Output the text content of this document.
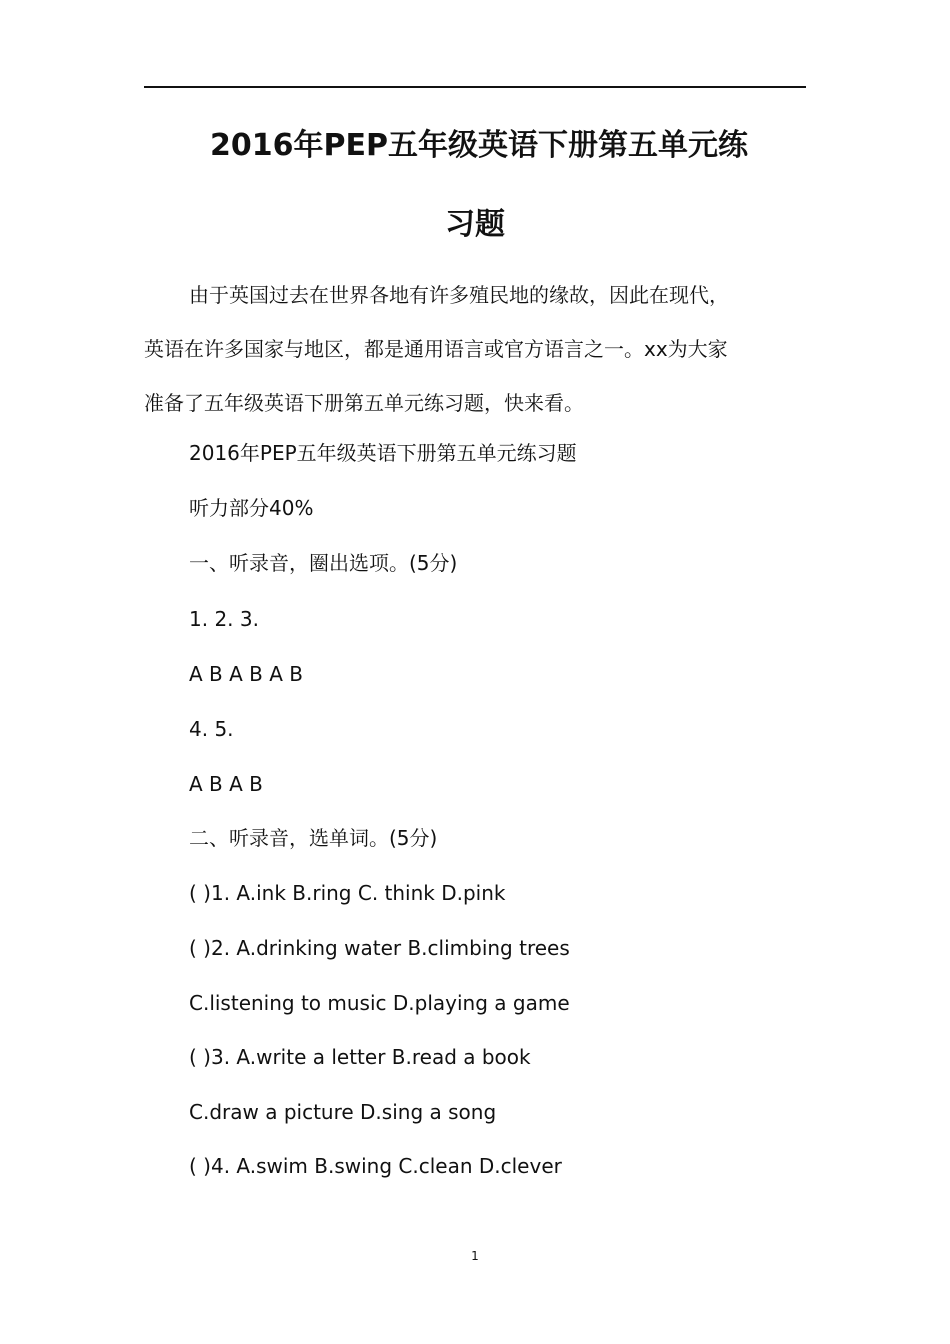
2016年PEP五年级英语下册第五单元练
习题
由于英国过去在世界各地有许多殖民地的缘故，因此在现代，
英语在许多国家与地区，都是通用语言或官方语言之一。xx为大家
准备了五年级英语下册第五单元练习题，快来看。
2016年PEP五年级英语下册第五单元练习题
听力部分40%
一、听录音，圈出选项。(5分)
1. 2. 3.
A B A B A B
4. 5.
A B A B
二、听录音，选单词。(5分)
( )1. A.ink B.ring C. think D.pink
( )2. A.drinking water B.climbing trees
C.listening to music D.playing a game
( )3. A.write a letter B.read a book
C.draw a picture D.sing a song
( )4. A.swim B.swing C.clean D.clever
1
